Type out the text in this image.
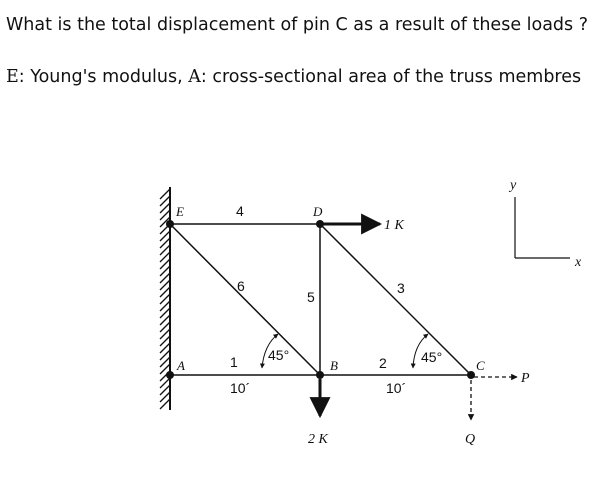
What is the total displacement of pin C as a result of these loads ?

E: Young's modulus, A: cross-sectional area of the truss membres

E	D
A	B	C
4
6
5
3
1	2
45°	45°
10´	10´
1 K
2 K
P
Q
y
x
